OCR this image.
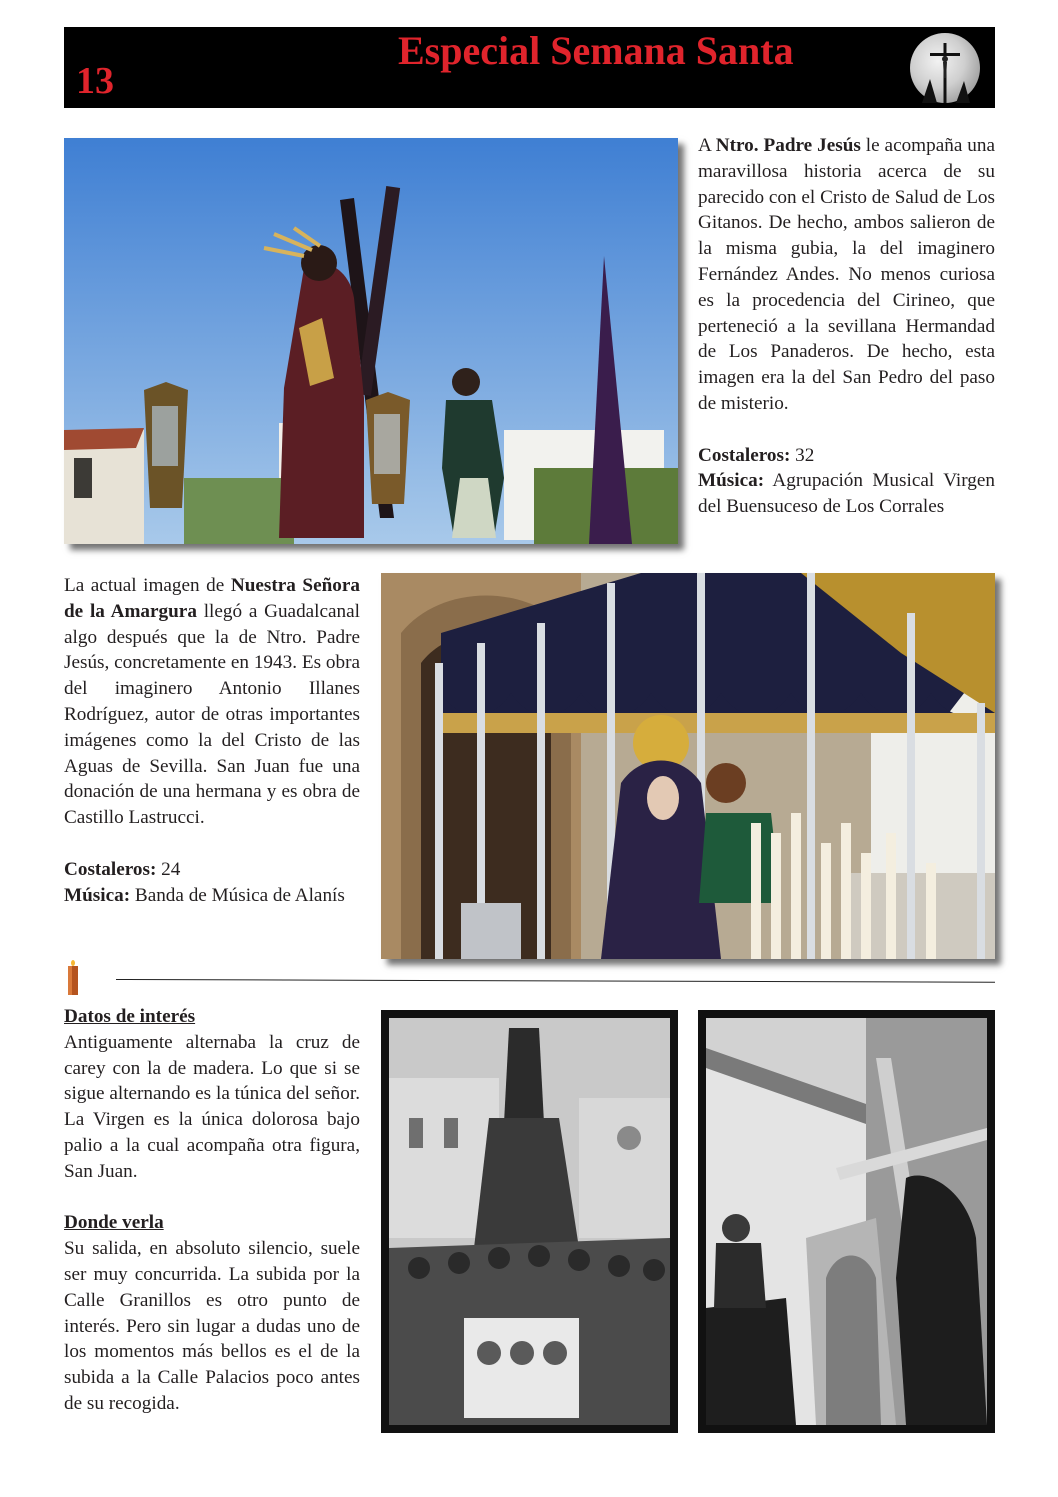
13
Especial Semana Santa

A Ntro. Padre Jesús le acompaña una maravillosa historia acerca de su parecido con el Cristo de Salud de Los Gitanos. De hecho, ambos salieron de la misma gubia, la del imaginero Fernández Andes. No menos curiosa es la procedencia del Cirineo, que perteneció a la sevillana Hermandad de Los Panaderos. De hecho, esta imagen era la del San Pedro del paso de misterio.

Costaleros: 32

Música: Agrupación Musical Virgen del Buensuceso de Los Corrales

La actual imagen de Nuestra Señora de la Amargura llegó a Guadalcanal algo después que la de Ntro. Padre Jesús, concretamente en 1943. Es obra del imaginero Antonio Illanes Rodríguez, autor de otras importantes imágenes como la del Cristo de las Aguas de Sevilla. San Juan fue una donación de una hermana y es obra de Castillo Lastrucci.

Costaleros: 24

Música: Banda de Música de Alanís

Datos de interés

Antiguamente alternaba la cruz de carey con la de madera. Lo que si se sigue alternando es la túnica del señor. La Virgen es la única dolorosa bajo palio a la cual acompaña otra figura, San Juan.

Donde verla

Su salida, en absoluto silencio, suele ser muy concurrida. La subida por la Calle Granillos es otro punto de interés. Pero sin lugar a dudas uno de los momentos más bellos es el de la subida a la Calle Palacios poco antes de su recogida.
